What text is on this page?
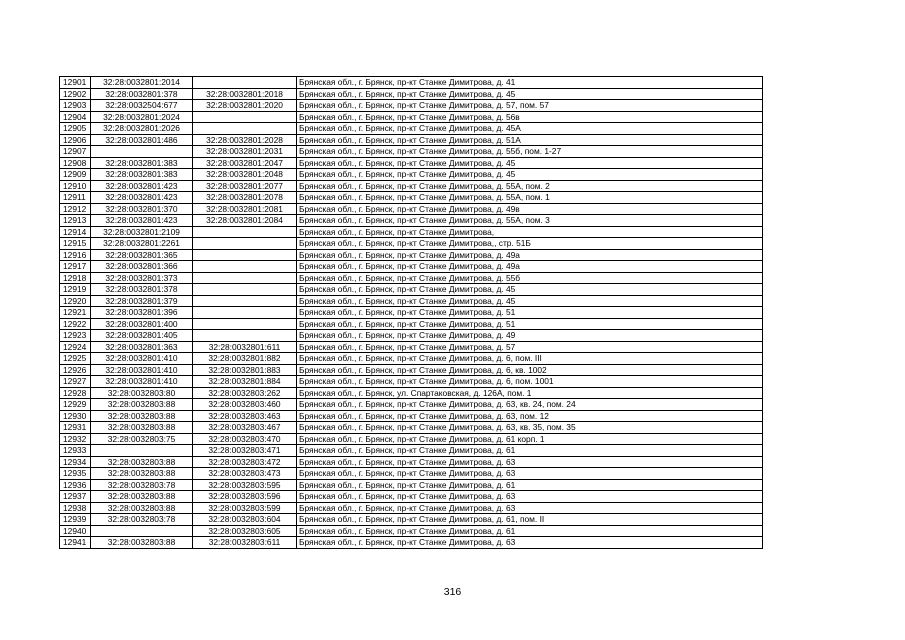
12901	32:28:0032801:2014		Брянская обл., г. Брянск, пр-кт Станке Димитрова, д. 41
12902	32:28:0032801:378	32:28:0032801:2018	Брянская обл., г. Брянск, пр-кт Станке Димитрова, д. 45
12903	32:28:0032504:677	32:28:0032801:2020	Брянская обл., г. Брянск, пр-кт Станке Димитрова, д. 57, пом. 57
12904	32:28:0032801:2024		Брянская обл., г. Брянск, пр-кт Станке Димитрова, д. 56в
12905	32:28:0032801:2026		Брянская обл., г. Брянск, пр-кт Станке Димитрова, д. 45А
12906	32:28:0032801:486	32:28:0032801:2028	Брянская обл., г. Брянск, пр-кт Станке Димитрова, д. 51А
12907		32:28:0032801:2031	Брянская обл., г. Брянск, пр-кт Станке Димитрова, д. 55б, пом. 1-27
12908	32:28:0032801:383	32:28:0032801:2047	Брянская обл., г. Брянск, пр-кт Станке Димитрова, д. 45
12909	32:28:0032801:383	32:28:0032801:2048	Брянская обл., г. Брянск, пр-кт Станке Димитрова, д. 45
12910	32:28:0032801:423	32:28:0032801:2077	Брянская обл., г. Брянск, пр-кт Станке Димитрова, д. 55А, пом. 2
12911	32:28:0032801:423	32:28:0032801:2078	Брянская обл., г. Брянск, пр-кт Станке Димитрова, д. 55А, пом. 1
12912	32:28:0032801:370	32:28:0032801:2081	Брянская обл., г. Брянск, пр-кт Станке Димитрова, д. 49в
12913	32:28:0032801:423	32:28:0032801:2084	Брянская обл., г. Брянск, пр-кт Станке Димитрова, д. 55А, пом. 3
12914	32:28:0032801:2109		Брянская обл., г. Брянск, пр-кт Станке Димитрова,
12915	32:28:0032801:2261		Брянская обл., г. Брянск, пр-кт Станке Димитрова,, стр. 51Б
12916	32:28:0032801:365		Брянская обл., г. Брянск, пр-кт Станке Димитрова, д. 49а
12917	32:28:0032801:366		Брянская обл., г. Брянск, пр-кт Станке Димитрова, д. 49а
12918	32:28:0032801:373		Брянская обл., г. Брянск, пр-кт Станке Димитрова, д. 55б
12919	32:28:0032801:378		Брянская обл., г. Брянск, пр-кт Станке Димитрова, д. 45
12920	32:28:0032801:379		Брянская обл., г. Брянск, пр-кт Станке Димитрова, д. 45
12921	32:28:0032801:396		Брянская обл., г. Брянск, пр-кт Станке Димитрова, д. 51
12922	32:28:0032801:400		Брянская обл., г. Брянск, пр-кт Станке Димитрова, д. 51
12923	32:28:0032801:405		Брянская обл., г. Брянск, пр-кт Станке Димитрова, д. 49
12924	32:28:0032801:363	32:28:0032801:611	Брянская обл., г. Брянск, пр-кт Станке Димитрова, д. 57
12925	32:28:0032801:410	32:28:0032801:882	Брянская обл., г. Брянск, пр-кт Станке Димитрова, д. 6, пом. III
12926	32:28:0032801:410	32:28:0032801:883	Брянская обл., г. Брянск, пр-кт Станке Димитрова, д. 6, кв. 1002
12927	32:28:0032801:410	32:28:0032801:884	Брянская обл., г. Брянск, пр-кт Станке Димитрова, д. 6, пом. 1001
12928	32:28:0032803:80	32:28:0032803:262	Брянская обл., г. Брянск, ул. Спартаковская, д. 126А, пом. 1
12929	32:28:0032803:88	32:28:0032803:460	Брянская обл., г. Брянск, пр-кт Станке Димитрова, д. 63, кв. 24, пом. 24
12930	32:28:0032803:88	32:28:0032803:463	Брянская обл., г. Брянск, пр-кт Станке Димитрова, д. 63, пом. 12
12931	32:28:0032803:88	32:28:0032803:467	Брянская обл., г. Брянск, пр-кт Станке Димитрова, д. 63, кв. 35, пом. 35
12932	32:28:0032803:75	32:28:0032803:470	Брянская обл., г. Брянск, пр-кт Станке Димитрова, д. 61 корп. 1
12933		32:28:0032803:471	Брянская обл., г. Брянск, пр-кт Станке Димитрова, д. 61
12934	32:28:0032803:88	32:28:0032803:472	Брянская обл., г. Брянск, пр-кт Станке Димитрова, д. 63
12935	32:28:0032803:88	32:28:0032803:473	Брянская обл., г. Брянск, пр-кт Станке Димитрова, д. 63
12936	32:28:0032803:78	32:28:0032803:595	Брянская обл., г. Брянск, пр-кт Станке Димитрова, д. 61
12937	32:28:0032803:88	32:28:0032803:596	Брянская обл., г. Брянск, пр-кт Станке Димитрова, д. 63
12938	32:28:0032803:88	32:28:0032803:599	Брянская обл., г. Брянск, пр-кт Станке Димитрова, д. 63
12939	32:28:0032803:78	32:28:0032803:604	Брянская обл., г. Брянск, пр-кт Станке Димитрова, д. 61, пом. II
12940		32:28:0032803:605	Брянская обл., г. Брянск, пр-кт Станке Димитрова, д. 61
12941	32:28:0032803:88	32:28:0032803:611	Брянская обл., г. Брянск, пр-кт Станке Димитрова, д. 63
316
